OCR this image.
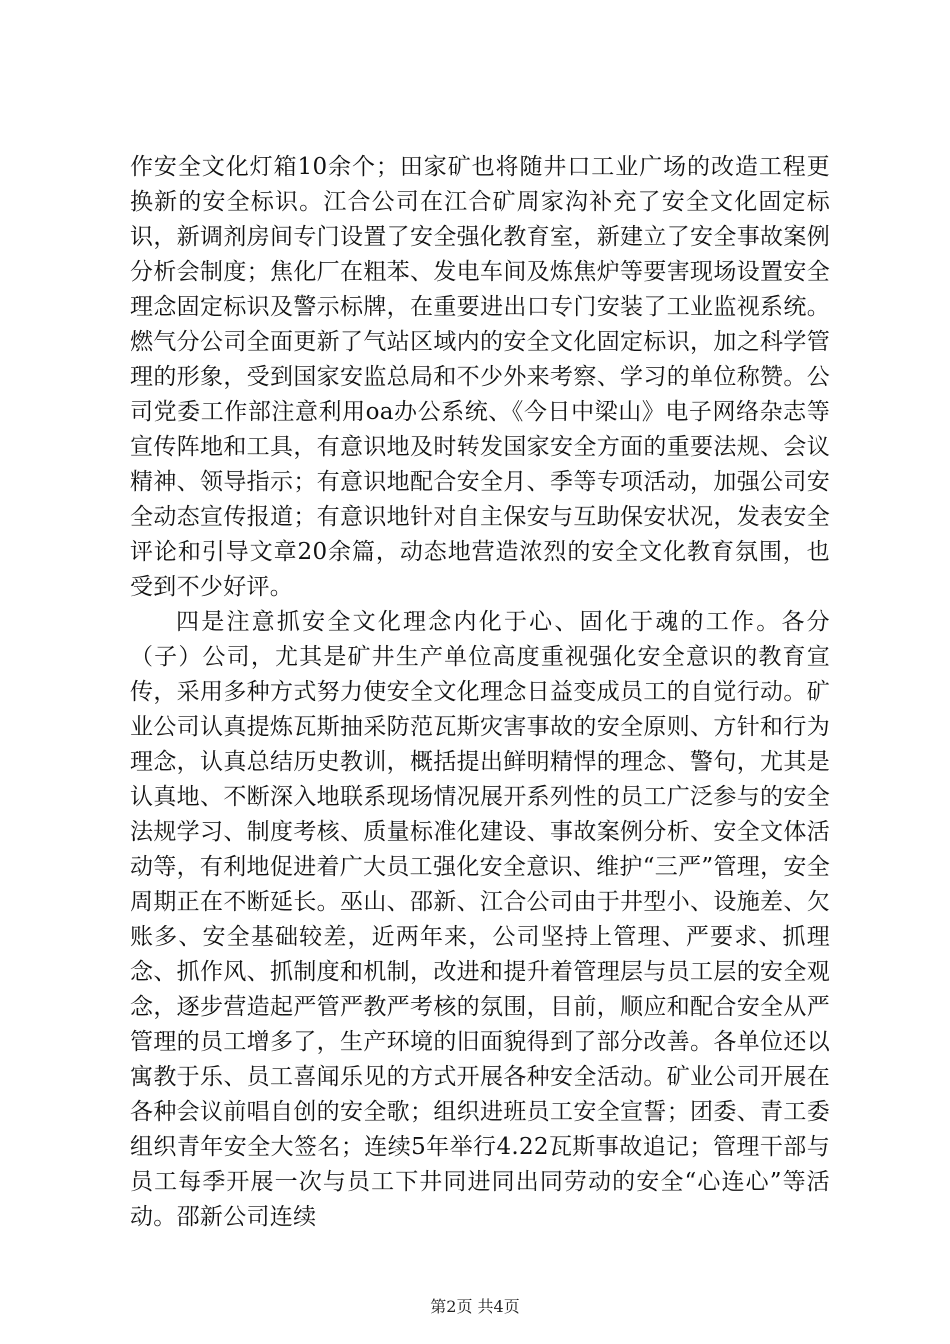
作安全文化灯箱10余个；田家矿也将随井口工业广场的改造工程更换新的安全标识。江合公司在江合矿周家沟补充了安全文化固定标识，新调剂房间专门设置了安全强化教育室，新建立了安全事故案例分析会制度；焦化厂在粗苯、发电车间及炼焦炉等要害现场设置安全理念固定标识及警示标牌，在重要进出口专门安装了工业监视系统。燃气分公司全面更新了气站区域内的安全文化固定标识，加之科学管理的形象，受到国家安监总局和不少外来考察、学习的单位称赞。公司党委工作部注意利用oa办公系统、《今日中梁山》电子网络杂志等宣传阵地和工具，有意识地及时转发国家安全方面的重要法规、会议精神、领导指示；有意识地配合安全月、季等专项活动，加强公司安全动态宣传报道；有意识地针对自主保安与互助保安状况，发表安全评论和引导文章20余篇，动态地营造浓烈的安全文化教育氛围，也受到不少好评。

四是注意抓安全文化理念内化于心、固化于魂的工作。各分（子）公司，尤其是矿井生产单位高度重视强化安全意识的教育宣传，采用多种方式努力使安全文化理念日益变成员工的自觉行动。矿业公司认真提炼瓦斯抽采防范瓦斯灾害事故的安全原则、方针和行为理念，认真总结历史教训，概括提出鲜明精悍的理念、警句，尤其是认真地、不断深入地联系现场情况展开系列性的员工广泛参与的安全法规学习、制度考核、质量标准化建设、事故案例分析、安全文体活动等，有利地促进着广大员工强化安全意识、维护“三严”管理，安全周期正在不断延长。巫山、邵新、江合公司由于井型小、设施差、欠账多、安全基础较差，近两年来，公司坚持上管理、严要求、抓理念、抓作风、抓制度和机制，改进和提升着管理层与员工层的安全观念，逐步营造起严管严教严考核的氛围，目前，顺应和配合安全从严管理的员工增多了，生产环境的旧面貌得到了部分改善。各单位还以寓教于乐、员工喜闻乐见的方式开展各种安全活动。矿业公司开展在各种会议前唱自创的安全歌；组织进班员工安全宣誓；团委、青工委组织青年安全大签名；连续5年举行4.22瓦斯事故追记；管理干部与员工每季开展一次与员工下井同进同出同劳动的安全“心连心”等活动。邵新公司连续

第2页 共4页
